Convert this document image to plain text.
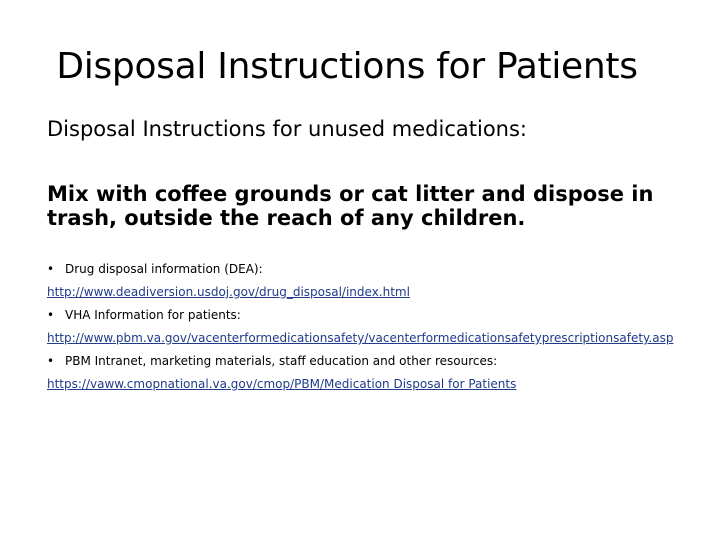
Disposal Instructions for Patients
Disposal Instructions for unused medications:
Mix with coffee grounds or cat litter and dispose in trash, outside the reach of any children.
• Drug disposal information (DEA):
http://www.deadiversion.usdoj.gov/drug_disposal/index.html
• VHA Information for patients:
http://www.pbm.va.gov/vacenterformedicationsafety/vacenterformedicationsafetyprescriptionsafety.asp
• PBM Intranet, marketing materials, staff education and other resources:
https://vaww.cmopnational.va.gov/cmop/PBM/Medication Disposal for Patients
